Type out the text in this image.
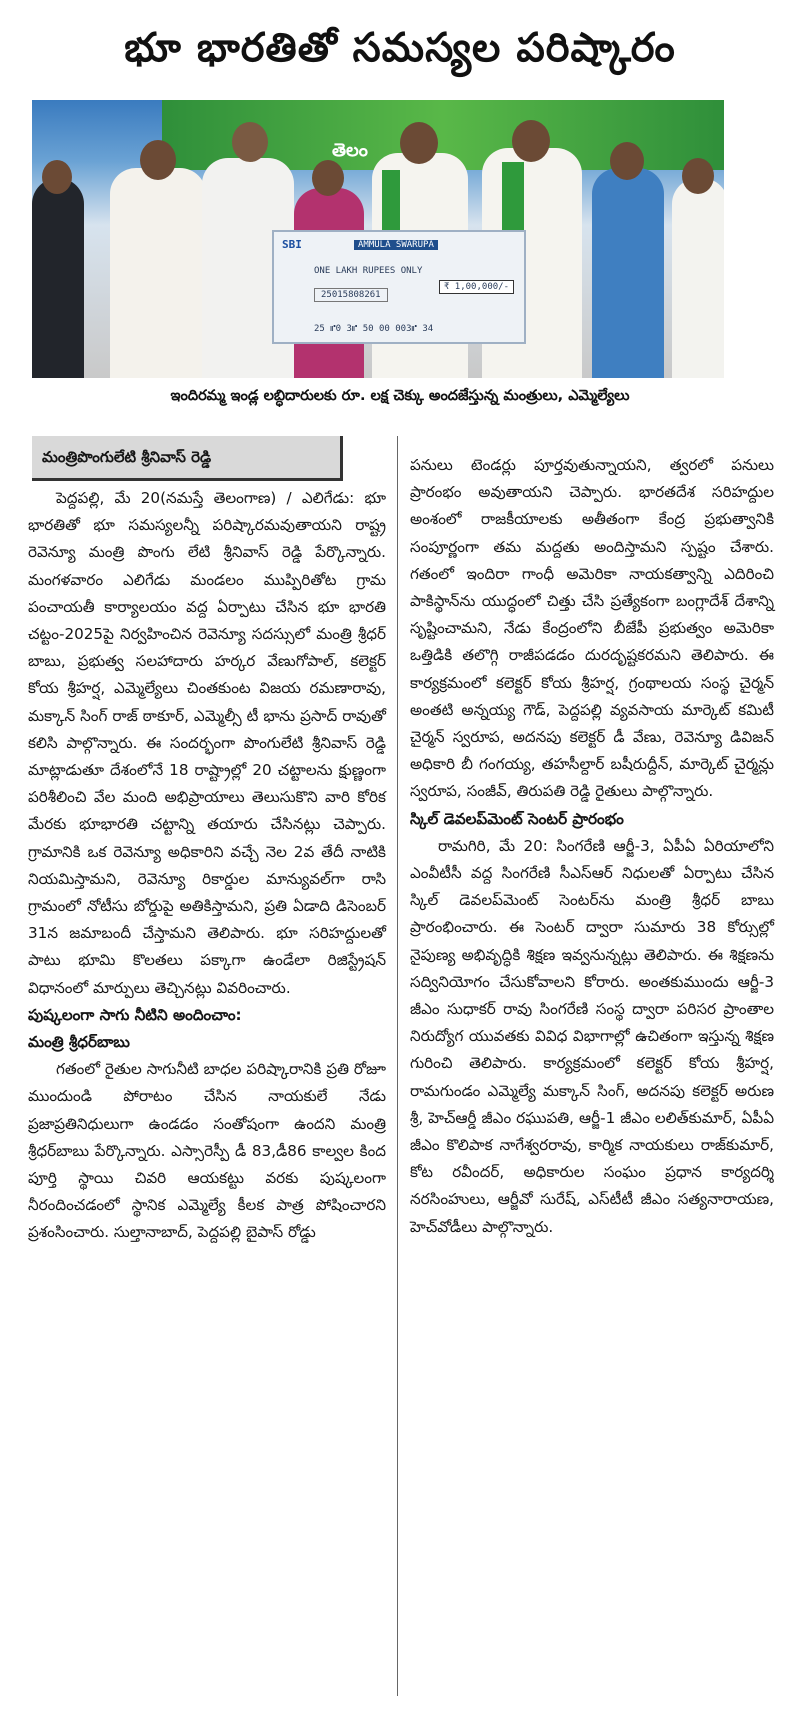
భూ భారతితో సమస్యల పరిష్కారం
తెలం
SBI	AMMULA SWARUPA
ONE LAKH RUPEES ONLY
25015808261
₹ 1,00,000/-
25 ⑈0 3⑈ 50 00 003⑈ 34
ఇందిరమ్మ ఇండ్ల లబ్ధిదారులకు రూ. లక్ష చెక్కు అందజేస్తున్న మంత్రులు, ఎమ్మెల్యేలు
మంత్రిపొంగులేటి శ్రీనివాస్ రెడ్డి
పెద్దపల్లి, మే 20(నమస్తే తెలంగాణ) / ఎలిగేడు: భూ భారతితో భూ సమస్యలన్నీ పరిష్కారమవుతాయని రాష్ట్ర రెవెన్యూ మంత్రి పొంగు లేటి శ్రీనివాస్ రెడ్డి పేర్కొన్నారు. మంగళవారం ఎలిగేడు మండలం ముప్పిరితోట గ్రామ పంచాయతీ కార్యాలయం వద్ద ఏర్పాటు చేసిన భూ భారతి చట్టం-2025పై నిర్వహించిన రెవెన్యూ సదస్సులో మంత్రి శ్రీధర్ బాబు, ప్రభుత్వ సలహాదారు హర్కర వేణుగోపాల్, కలెక్టర్ కోయ శ్రీహర్ష, ఎమ్మెల్యేలు చింతకుంట విజయ రమణారావు, మక్కాన్ సింగ్ రాజ్ ఠాకూర్, ఎమ్మెల్సీ టీ భాను ప్రసాద్ రావుతో కలిసి పాల్గొన్నారు. ఈ సందర్భంగా పొంగులేటి శ్రీనివాస్ రెడ్డి మాట్లాడుతూ దేశంలోనే 18 రాష్ట్రాల్లో 20 చట్టాలను క్షుణ్ణంగా పరిశీలించి వేల మంది అభిప్రాయాలు తెలుసుకొని వారి కోరిక మేరకు భూభారతి చట్టాన్ని తయారు చేసినట్లు చెప్పారు. గ్రామానికి ఒక రెవెన్యూ అధికారిని వచ్చే నెల 2వ తేదీ నాటికి నియమిస్తామని, రెవెన్యూ రికార్డుల మాన్యువల్‌గా రాసి గ్రామంలో నోటీసు బోర్డుపై అతికిస్తామని, ప్రతి ఏడాది డిసెంబర్ 31న జమాబందీ చేస్తామని తెలిపారు. భూ సరిహద్దులతో పాటు భూమి కొలతలు పక్కాగా ఉండేలా రిజిస్ట్రేషన్ విధానంలో మార్పులు తెచ్చినట్లు వివరించారు.
పుష్కలంగా సాగు నీటిని అందించాం:
మంత్రి శ్రీధర్‌బాబు
గతంలో రైతుల సాగునీటి బాధల పరిష్కారానికి ప్రతి రోజూ ముందుండి పోరాటం చేసిన నాయకులే నేడు ప్రజాప్రతినిధులుగా ఉండడం సంతోషంగా ఉందని మంత్రి శ్రీధర్‌బాబు పేర్కొన్నారు. ఎస్సారెస్పీ డీ 83,డీ86 కాల్వల కింద పూర్తి స్థాయి చివరి ఆయకట్టు వరకు పుష్కలంగా నీరందించడంలో స్థానిక ఎమ్మెల్యే కీలక పాత్ర పోషించారని ప్రశంసించారు. సుల్తానాబాద్, పెద్దపల్లి బైపాస్ రోడ్డు
పనులు టెండర్లు పూర్తవుతున్నాయని, త్వరలో పనులు ప్రారంభం అవుతాయని చెప్పారు. భారతదేశ సరిహద్దుల అంశంలో రాజకీయాలకు అతీతంగా కేంద్ర ప్రభుత్వానికి సంపూర్ణంగా తమ మద్దతు అందిస్తామని స్పష్టం చేశారు. గతంలో ఇందిరా గాంధీ అమెరికా నాయకత్వాన్ని ఎదిరించి పాకిస్థాన్‌ను యుద్ధంలో చిత్తు చేసి ప్రత్యేకంగా బంగ్లాదేశ్ దేశాన్ని సృష్టించామని, నేడు కేంద్రంలోని బీజేపీ ప్రభుత్వం అమెరికా ఒత్తిడికి తలొగ్గి రాజీపడడం దురదృష్టకరమని తెలిపారు. ఈ కార్యక్రమంలో కలెక్టర్ కోయ శ్రీహర్ష, గ్రంథాలయ సంస్థ చైర్మన్ అంతటి అన్నయ్య గౌడ్, పెద్దపల్లి వ్యవసాయ మార్కెట్ కమిటీ చైర్మన్ స్వరూప, అదనపు కలెక్టర్ డీ వేణు, రెవెన్యూ డివిజన్ అధికారి బీ గంగయ్య, తహసీల్దార్ బషీరుద్దీన్, మార్కెట్ చైర్మన్లు స్వరూప, సంజీవ్, తిరుపతి రెడ్డి రైతులు పాల్గొన్నారు.
స్కిల్ డెవలప్‌మెంట్ సెంటర్ ప్రారంభం
రామగిరి, మే 20: సింగరేణి ఆర్జీ-3, ఏపీఏ ఏరియాలోని ఎంవీటీసీ వద్ద సింగరేణి సీఎస్ఆర్ నిధులతో ఏర్పాటు చేసిన స్కిల్ డెవలప్‌మెంట్ సెంటర్‌ను మంత్రి శ్రీధర్ బాబు ప్రారంభించారు. ఈ సెంటర్ ద్వారా సుమారు 38 కోర్సుల్లో నైపుణ్య అభివృద్ధికి శిక్షణ ఇవ్వనున్నట్లు తెలిపారు. ఈ శిక్షణను సద్వినియోగం చేసుకోవాలని కోరారు. అంతకుముందు ఆర్జీ-3 జీఎం సుధాకర్ రావు సింగరేణి సంస్థ ద్వారా పరిసర ప్రాంతాల నిరుద్యోగ యువతకు వివిధ విభాగాల్లో ఉచితంగా ఇస్తున్న శిక్షణ గురించి తెలిపారు. కార్యక్రమంలో కలెక్టర్ కోయ శ్రీహర్ష, రామగుండం ఎమ్మెల్యే మక్కాన్ సింగ్, అదనపు కలెక్టర్ అరుణ శ్రీ, హెచ్ఆర్డీ జీఎం రఘుపతి, ఆర్జీ-1 జీఎం లలిత్‌కుమార్, ఏపీఏ జీఎం కొలిపాక నాగేశ్వరరావు, కార్మిక నాయకులు రాజ్‌కుమార్, కోట రవీందర్, అధికారుల సంఘం ప్రధాన కార్యదర్శి నరసింహులు, ఆర్జీవో సురేష్, ఎస్‌టీటీ జీఎం సత్యనారాయణ, హెచ్‌వోడీలు పాల్గొన్నారు.
